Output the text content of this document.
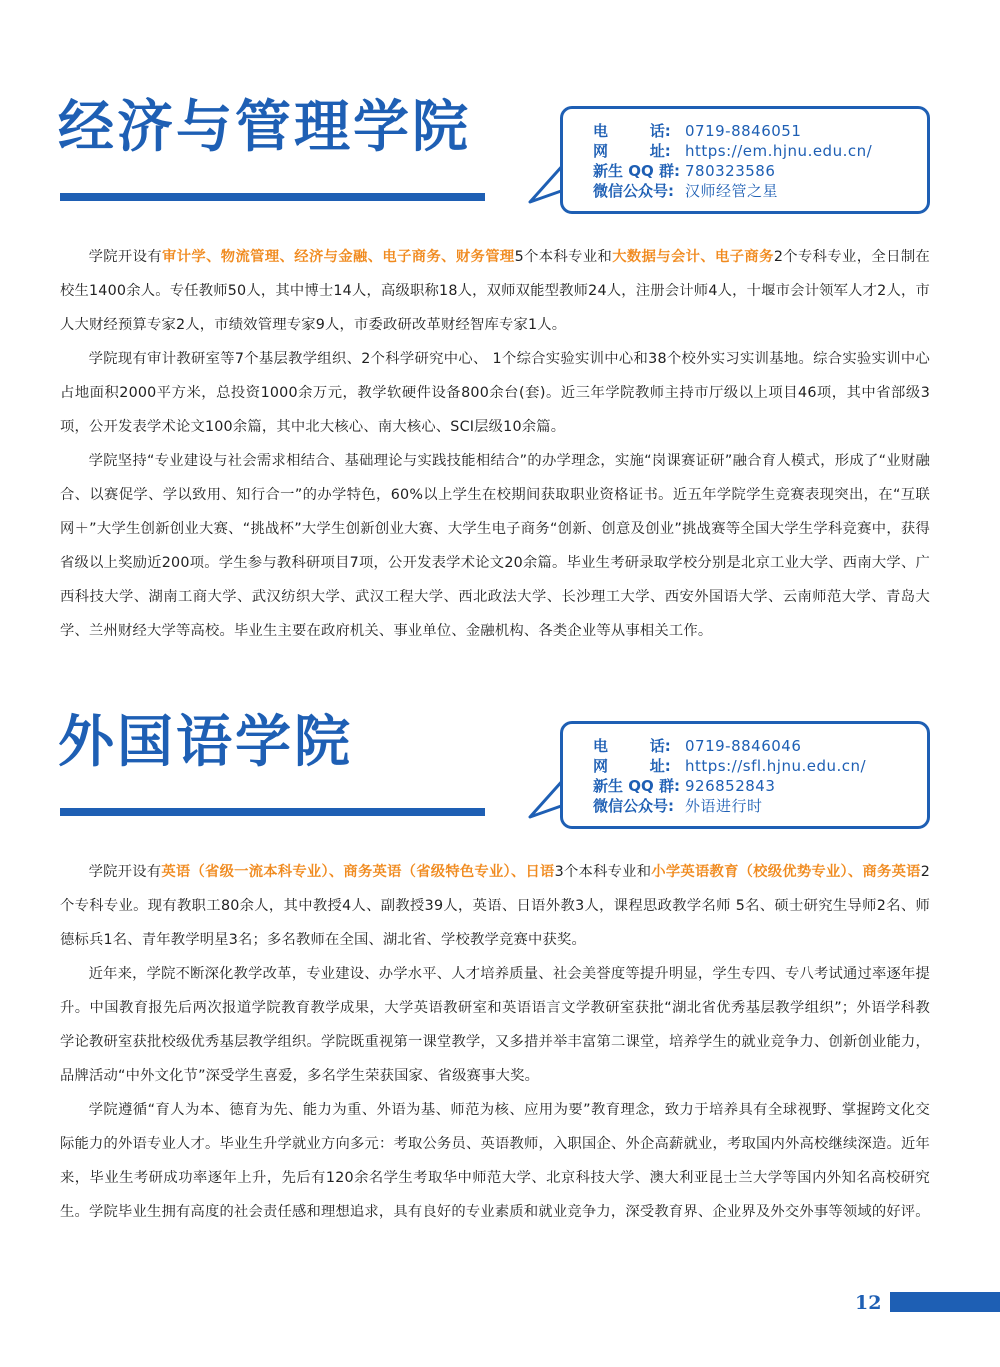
经济与管理学院	电        话: 0719-8846051
网        址: https://em.hjnu.edu.cn/
新生 QQ 群: 780323586
微信公众号: 汉师经管之星

学院开设有审计学、物流管理、经济与金融、电子商务、财务管理5个本科专业和大数据与会计、电子商务2个专科专业，全日制在校生1400余人。专任教师50人，其中博士14人，高级职称18人，双师双能型教师24人，注册会计师4人，十堰市会计领军人才2人，市人大财经预算专家2人，市绩效管理专家9人，市委政研改革财经智库专家1人。

学院现有审计教研室等7个基层教学组织、2个科学研究中心、 1个综合实验实训中心和38个校外实习实训基地。综合实验实训中心占地面积2000平方米，总投资1000余万元，教学软硬件设备800余台(套)。近三年学院教师主持市厅级以上项目46项，其中省部级3项，公开发表学术论文100余篇，其中北大核心、南大核心、SCI层级10余篇。

学院坚持“专业建设与社会需求相结合、基础理论与实践技能相结合”的办学理念，实施“岗课赛证研”融合育人模式，形成了“业财融合、以赛促学、学以致用、知行合一”的办学特色，60%以上学生在校期间获取职业资格证书。近五年学院学生竞赛表现突出，在“互联网＋”大学生创新创业大赛、“挑战杯”大学生创新创业大赛、大学生电子商务“创新、创意及创业”挑战赛等全国大学生学科竞赛中，获得省级以上奖励近200项。学生参与教科研项目7项，公开发表学术论文20余篇。毕业生考研录取学校分别是北京工业大学、西南大学、广西科技大学、湖南工商大学、武汉纺织大学、武汉工程大学、西北政法大学、长沙理工大学、西安外国语大学、云南师范大学、青岛大学、兰州财经大学等高校。毕业生主要在政府机关、事业单位、金融机构、各类企业等从事相关工作。

外国语学院	电        话: 0719-8846046
网        址: https://sfl.hjnu.edu.cn/
新生 QQ 群: 926852843
微信公众号: 外语进行时

学院开设有英语（省级一流本科专业）、商务英语（省级特色专业）、日语3个本科专业和小学英语教育（校级优势专业）、商务英语2个专科专业。现有教职工80余人，其中教授4人、副教授39人，英语、日语外教3人，课程思政教学名师 5名、硕士研究生导师2名、师德标兵1名、青年教学明星3名；多名教师在全国、湖北省、学校教学竞赛中获奖。

近年来，学院不断深化教学改革，专业建设、办学水平、人才培养质量、社会美誉度等提升明显，学生专四、专八考试通过率逐年提升。中国教育报先后两次报道学院教育教学成果，大学英语教研室和英语语言文学教研室获批“湖北省优秀基层教学组织”；外语学科教学论教研室获批校级优秀基层教学组织。学院既重视第一课堂教学，又多措并举丰富第二课堂，培养学生的就业竞争力、创新创业能力，品牌活动“中外文化节”深受学生喜爱，多名学生荣获国家、省级赛事大奖。

学院遵循“育人为本、德育为先、能力为重、外语为基、师范为核、应用为要”教育理念，致力于培养具有全球视野、掌握跨文化交际能力的外语专业人才。毕业生升学就业方向多元：考取公务员、英语教师，入职国企、外企高薪就业，考取国内外高校继续深造。近年来，毕业生考研成功率逐年上升，先后有120余名学生考取华中师范大学、北京科技大学、澳大利亚昆士兰大学等国内外知名高校研究生。学院毕业生拥有高度的社会责任感和理想追求，具有良好的专业素质和就业竞争力，深受教育界、企业界及外交外事等领域的好评。

12
